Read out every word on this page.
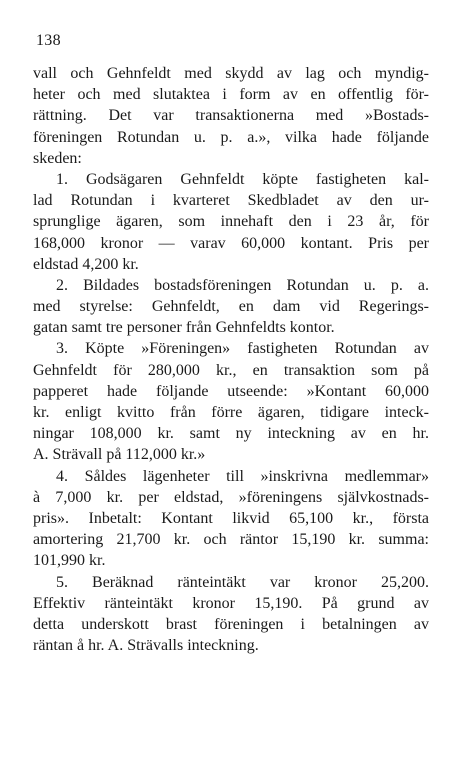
138
vall och Gehnfeldt med skydd av lag och myndig-
heter och med slutaktea i form av en offentlig för-
rättning. Det var transaktionerna med »Bostads-
föreningen Rotundan u. p. a.», vilka hade följande
skeden:
1. Godsägaren Gehnfeldt köpte fastigheten kal-
lad Rotundan i kvarteret Skedbladet av den ur-
sprunglige ägaren, som innehaft den i 23 år, för
168,000 kronor — varav 60,000 kontant. Pris per
eldstad 4,200 kr.
2. Bildades bostadsföreningen Rotundan u. p. a.
med styrelse: Gehnfeldt, en dam vid Regerings-
gatan samt tre personer från Gehnfeldts kontor.
3. Köpte »Föreningen» fastigheten Rotundan av
Gehnfeldt för 280,000 kr., en transaktion som på
papperet hade följande utseende: »Kontant 60,000
kr. enligt kvitto från förre ägaren, tidigare inteck-
ningar 108,000 kr. samt ny inteckning av en hr.
A. Strävall på 112,000 kr.»
4. Såldes lägenheter till »inskrivna medlemmar»
à 7,000 kr. per eldstad, »föreningens självkostnads-
pris». Inbetalt: Kontant likvid 65,100 kr., första
amortering 21,700 kr. och räntor 15,190 kr. summa:
101,990 kr.
5. Beräknad ränteintäkt var kronor 25,200.
Effektiv ränteintäkt kronor 15,190. På grund av
detta underskott brast föreningen i betalningen av
räntan å hr. A. Strävalls inteckning.
